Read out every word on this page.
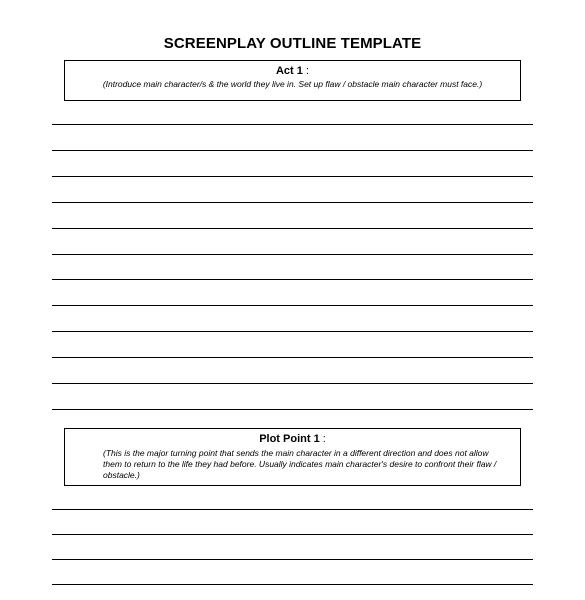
SCREENPLAY OUTLINE TEMPLATE
Act 1 :
(Introduce main character/s & the world they live in. Set up flaw / obstacle main character must face.)
Plot Point 1 :
(This is the major turning point that sends the main character in a different direction and does not allow them to return to the life they had before. Usually indicates main character's desire to confront their flaw / obstacle.)
